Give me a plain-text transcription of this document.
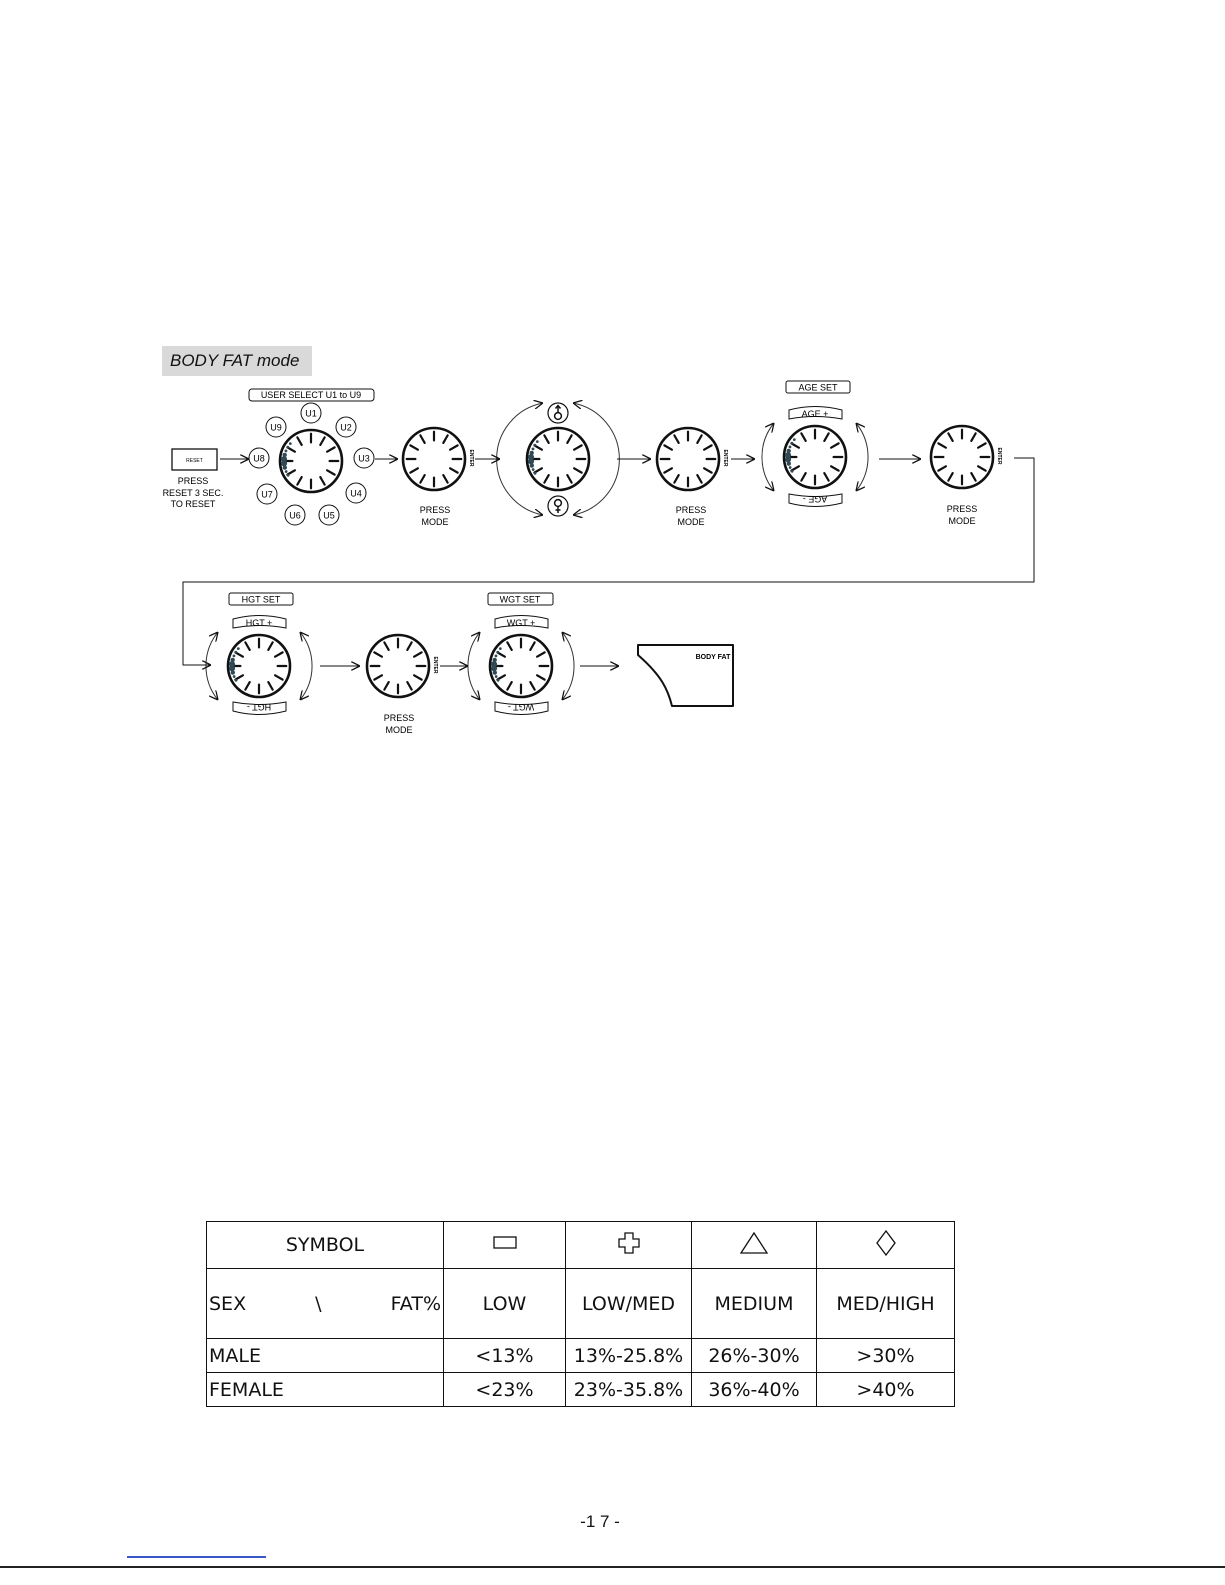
BODY FAT mode
RESET
PRESS
RESET 3 SEC.
TO RESET
USER SELECT U1 to U9
U1
U2
U3
U4
U5
U6
U7
U8
U9
ENTER	ENTER	ENTER
ENTER
PRESS
MODE
PRESS
MODE
PRESS
MODE
PRESS
MODE
AGE SET
AGE +
AGE -
HGT SET
HGT +
HGT -
WGT SET
WGT +
WGT -
BODY FAT
SYMBOL				

SEX \ FAT%	LOW	LOW/MED	MEDIUM	MED/HIGH
MALE	<13%	13%-25.8%	26%-30%	>30%
FEMALE	<23%	23%-35.8%	36%-40%	>40%
-1 7 -
